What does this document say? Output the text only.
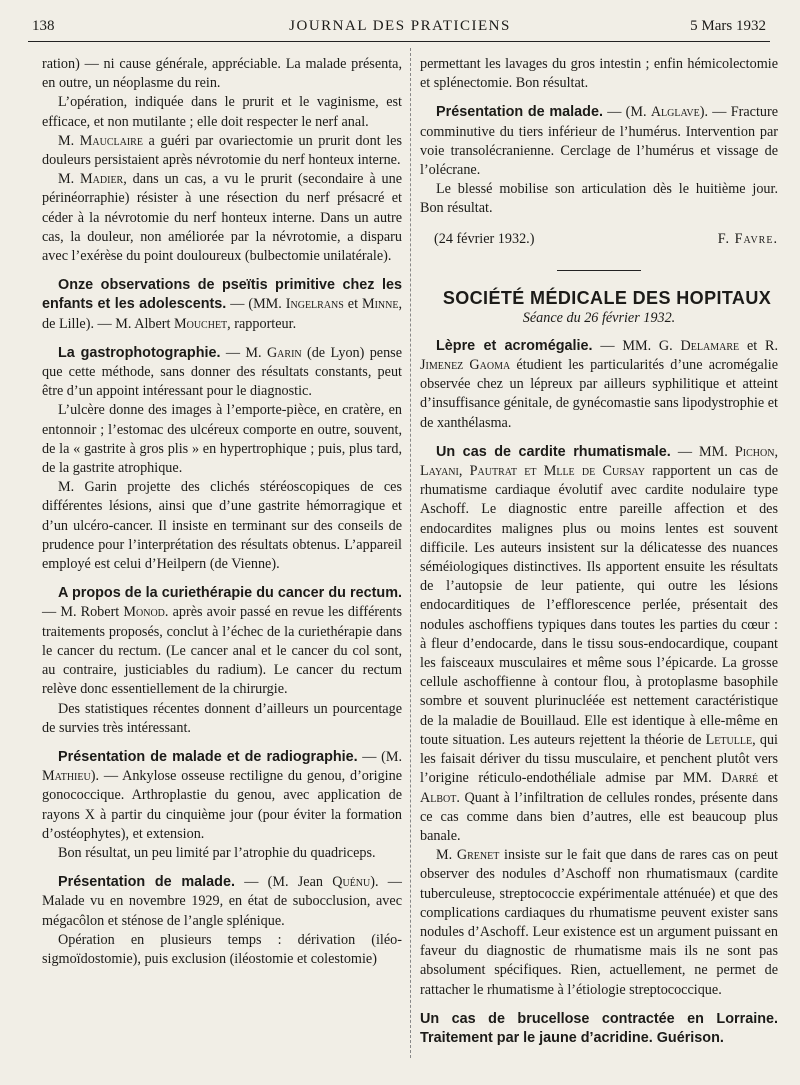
138	JOURNAL DES PRATICIENS	5 Mars 1932

ration) — ni cause générale, appréciable. La malade présenta, en outre, un néoplasme du rein.

L’opération, indiquée dans le prurit et le vaginisme, est efficace, et non mutilante ; elle doit respecter le nerf anal.

M. Mauclaire a guéri par ovariectomie un prurit dont les douleurs persistaient après névrotomie du nerf honteux interne.

M. Madier, dans un cas, a vu le prurit (secondaire à une périnéorraphie) résister à une résection du nerf présacré et céder à la névrotomie du nerf honteux interne. Dans un autre cas, la douleur, non améliorée par la névrotomie, a disparu avec l’exérèse du point douloureux (bulbectomie unilatérale).

Onze observations de pseïtis primitive chez les enfants et les adolescents. — (MM. Ingelrans et Minne, de Lille). — M. Albert Mouchet, rapporteur.

La gastrophotographie. — M. Garin (de Lyon) pense que cette méthode, sans donner des résultats constants, peut être d’un appoint intéressant pour le diagnostic.

L’ulcère donne des images à l’emporte-pièce, en cratère, en entonnoir ; l’estomac des ulcéreux comporte en outre, souvent, de la « gastrite à gros plis » en hypertrophique ; puis, plus tard, de la gastrite atrophique.

M. Garin projette des clichés stéréoscopiques de ces différentes lésions, ainsi que d’une gastrite hémorragique et d’un ulcéro-cancer. Il insiste en terminant sur des conseils de prudence pour l’interprétation des résultats obtenus. L’appareil employé est celui d’Heilpern (de Vienne).

A propos de la curiethérapie du cancer du rectum. — M. Robert Monod. après avoir passé en revue les différents traitements proposés, conclut à l’échec de la curiethérapie dans le cancer du rectum. (Le cancer anal et le cancer du col sont, au contraire, justiciables du radium). Le cancer du rectum relève donc essentiellement de la chirurgie.

Des statistiques récentes donnent d’ailleurs un pourcentage de survies très intéressant.

Présentation de malade et de radiographie. — (M. Mathieu). — Ankylose osseuse rectiligne du genou, d’origine gonococcique. Arthroplastie du genou, avec application de rayons X à partir du cinquième jour (pour éviter la formation d’ostéophytes), et extension.

Bon résultat, un peu limité par l’atrophie du quadriceps.

Présentation de malade. — (M. Jean Quénu). — Malade vu en novembre 1929, en état de subocclusion, avec mégacôlon et sténose de l’angle splénique.

Opération en plusieurs temps : dérivation (iléo-sigmoïdostomie), puis exclusion (iléostomie et colestomie)

permettant les lavages du gros intestin ; enfin hémicolectomie et splénectomie. Bon résultat.

Présentation de malade. — (M. Alglave). — Fracture comminutive du tiers inférieur de l’humérus. Intervention par voie transolécranienne. Cerclage de l’humérus et vissage de l’olécrane.

Le blessé mobilise son articulation dès le huitième jour. Bon résultat.

(24 février 1932.)	F. Favre.

SOCIÉTÉ MÉDICALE DES HOPITAUX

Séance du 26 février 1932.

Lèpre et acromégalie. — MM. G. Delamare et R. Jimenez Gaoma étudient les particularités d’une acromégalie observée chez un lépreux par ailleurs syphilitique et atteint d’insuffisance génitale, de gynécomastie sans lipodystrophie et de xanthélasma.

Un cas de cardite rhumatismale. — MM. Pichon, Layani, Pautrat et Mlle de Cursay rapportent un cas de rhumatisme cardiaque évolutif avec cardite nodulaire type Aschoff. Le diagnostic entre pareille affection et des endocardites malignes plus ou moins lentes est souvent difficile. Les auteurs insistent sur la délicatesse des nuances séméiologiques distinctives. Ils apportent ensuite les résultats de l’autopsie de leur patiente, qui outre les lésions endocarditiques de l’efflorescence perlée, présentait des nodules aschoffiens typiques dans toutes les parties du cœur : à fleur d’endocarde, dans le tissu sous-endocardique, coupant les faisceaux musculaires et même sous l’épicarde. La grosse cellule aschoffienne à contour flou, à protoplasme basophile sombre et souvent plurinucléée est nettement caractéristique de la maladie de Bouillaud. Elle est identique à elle-même en toute situation. Les auteurs rejettent la théorie de Letulle, qui les faisait dériver du tissu musculaire, et penchent plutôt vers l’origine réticulo-endothéliale admise par MM. Darré et Albot. Quant à l’infiltration de cellules rondes, présente dans ce cas comme dans bien d’autres, elle est beaucoup plus banale.

M. Grenet insiste sur le fait que dans de rares cas on peut observer des nodules d’Aschoff non rhumatismaux (cardite tuberculeuse, streptococcie expérimentale atténuée) et que des complications cardiaques du rhumatisme peuvent exister sans nodules d’Aschoff. Leur existence est un argument puissant en faveur du diagnostic de rhumatisme mais ils ne sont pas absolument spécifiques. Rien, actuellement, ne permet de rattacher le rhumatisme à l’étiologie streptococcique.

Un cas de brucellose contractée en Lorraine. Traitement par le jaune d’acridine. Guérison.
